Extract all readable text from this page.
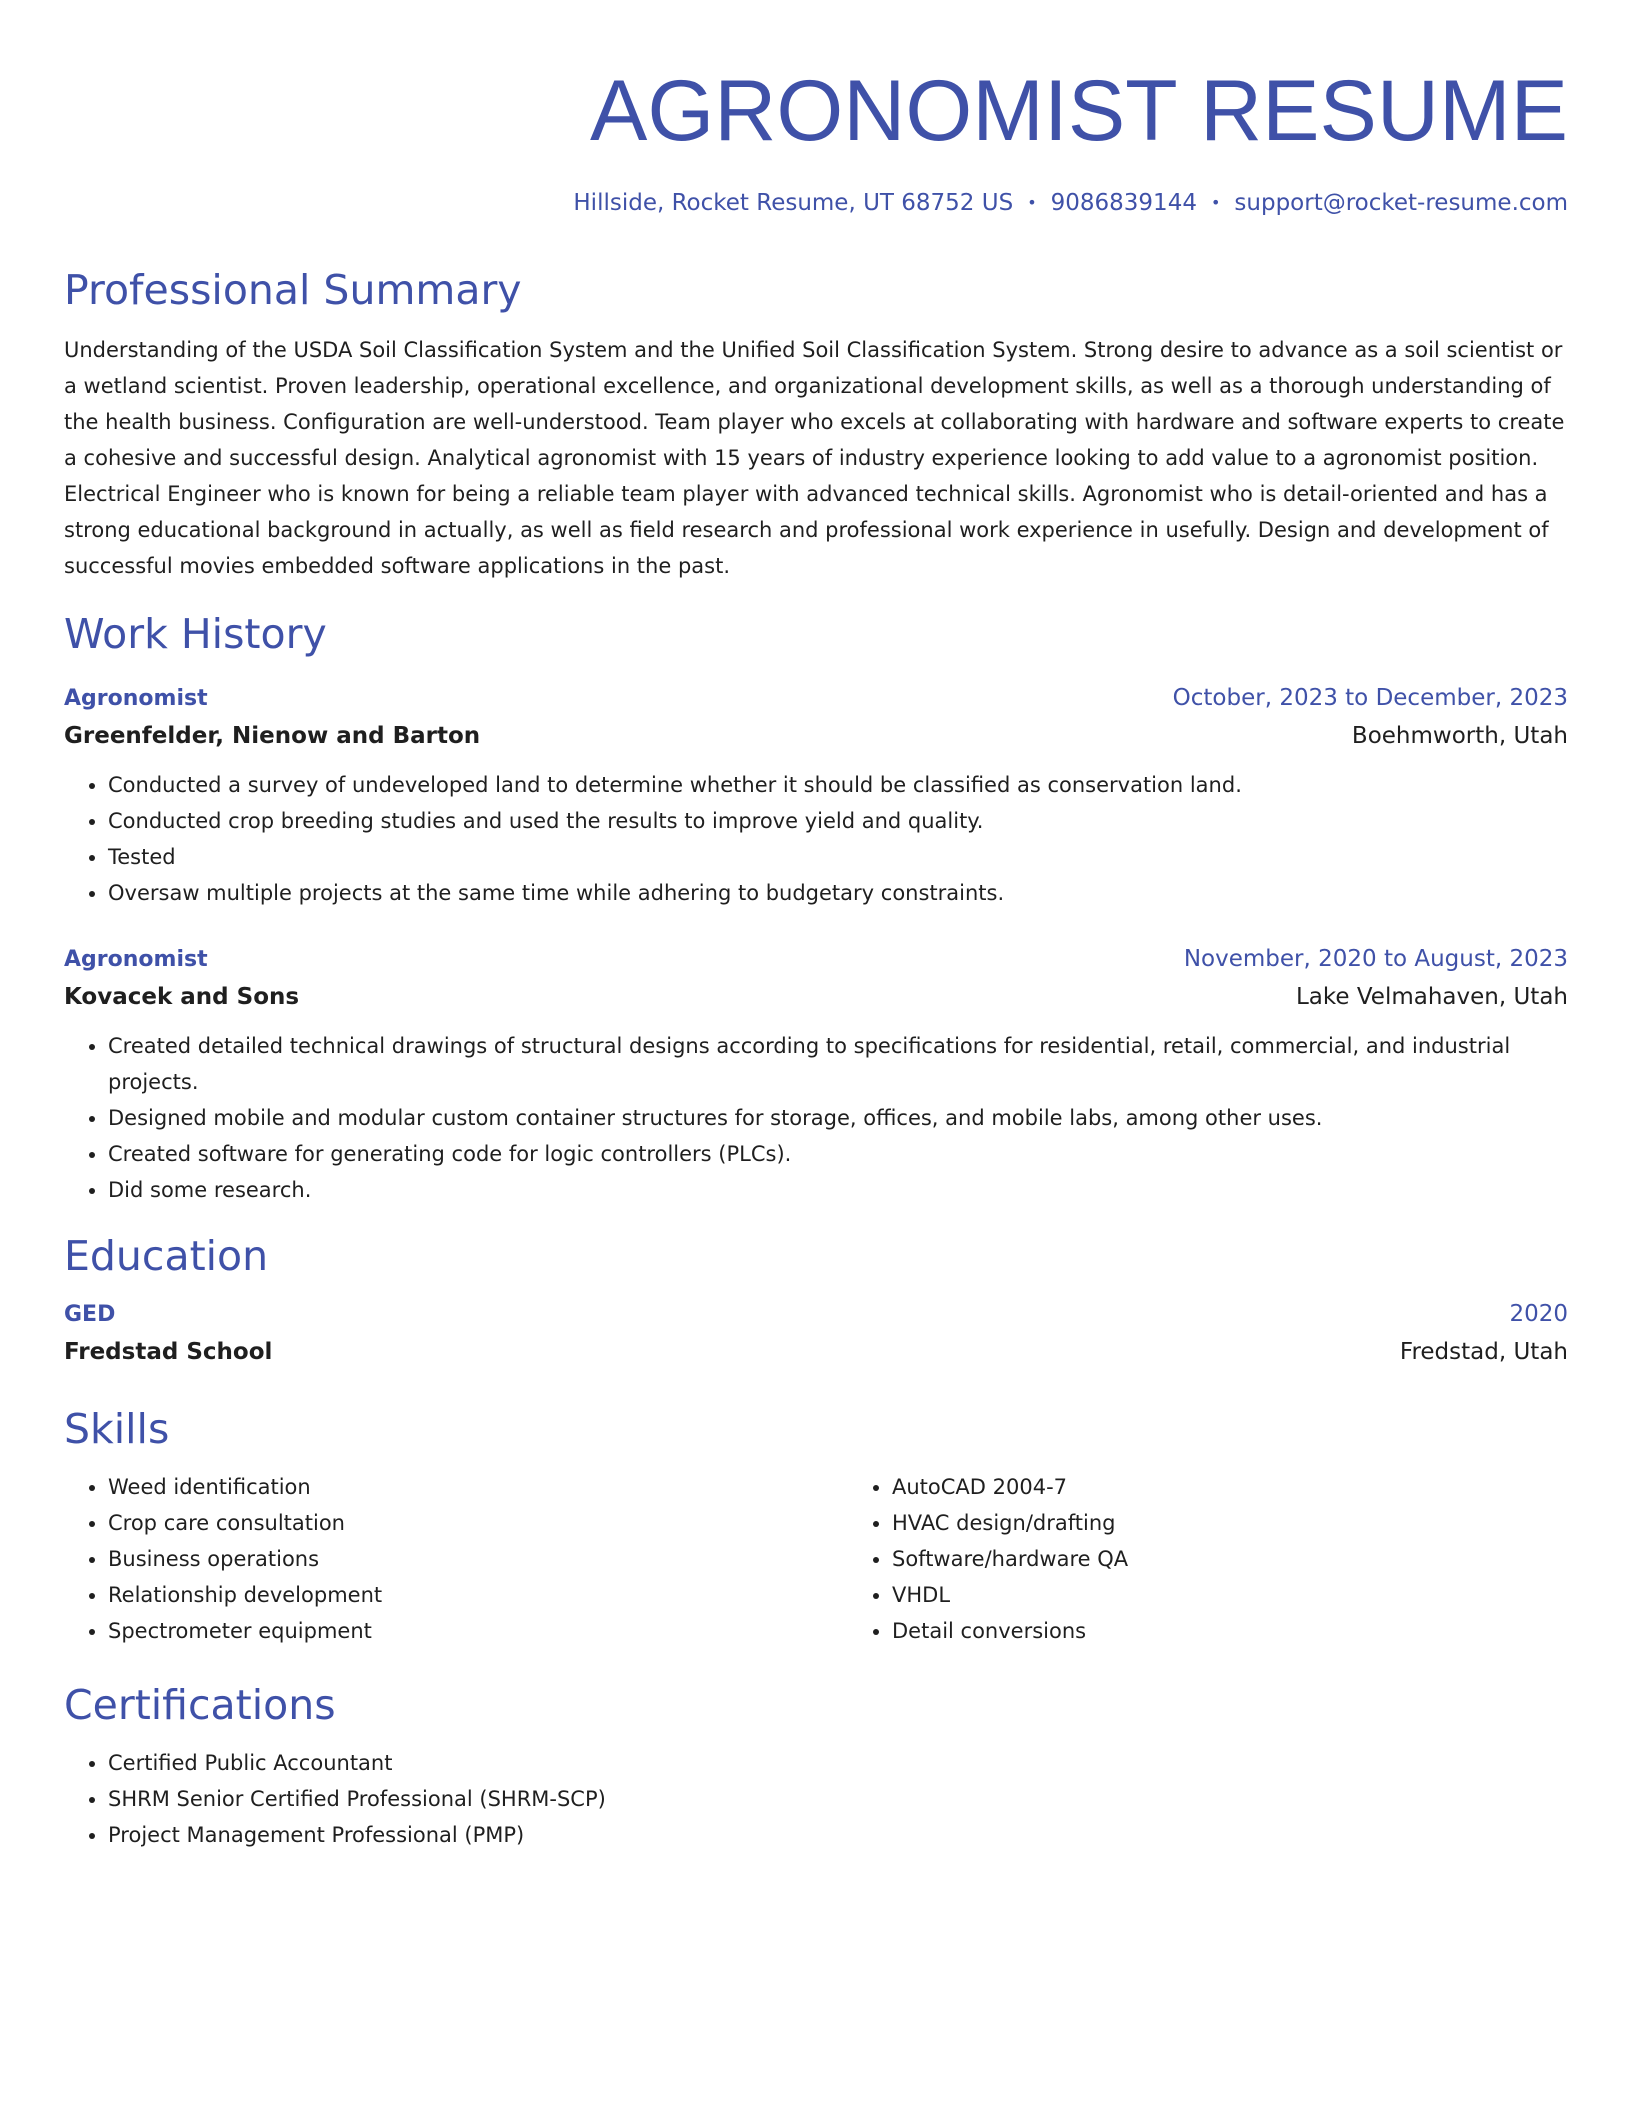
AGRONOMIST RESUME
Hillside, Rocket Resume, UT 68752 US • 9086839144 • support@rocket-resume.com
Professional Summary

Understanding of the USDA Soil Classification System and the Unified Soil Classification System. Strong desire to advance as a soil scientist or a wetland scientist. Proven leadership, operational excellence, and organizational development skills, as well as a thorough understanding of the health business. Configuration are well-understood. Team player who excels at collaborating with hardware and software experts to create a cohesive and successful design. Analytical agronomist with 15 years of industry experience looking to add value to a agronomist position. Electrical Engineer who is known for being a reliable team player with advanced technical skills. Agronomist who is detail-oriented and has a strong educational background in actually, as well as field research and professional work experience in usefully. Design and development of successful movies embedded software applications in the past.

Work History
Agronomist	October, 2023 to December, 2023
Greenfelder, Nienow and Barton	Boehmworth, Utah
• Conducted a survey of undeveloped land to determine whether it should be classified as conservation land.
• Conducted crop breeding studies and used the results to improve yield and quality.
• Tested
• Oversaw multiple projects at the same time while adhering to budgetary constraints.
Agronomist	November, 2020 to August, 2023
Kovacek and Sons	Lake Velmahaven, Utah
• Created detailed technical drawings of structural designs according to specifications for residential, retail, commercial, and industrial projects.
• Designed mobile and modular custom container structures for storage, offices, and mobile labs, among other uses.
• Created software for generating code for logic controllers (PLCs).
• Did some research.
Education
GED	2020
Fredstad School	Fredstad, Utah
Skills
• Weed identification
• Crop care consultation
• Business operations
• Relationship development
• Spectrometer equipment
• AutoCAD 2004-7
• HVAC design/drafting
• Software/hardware QA
• VHDL
• Detail conversions
Certifications
• Certified Public Accountant
• SHRM Senior Certified Professional (SHRM-SCP)
• Project Management Professional (PMP)
